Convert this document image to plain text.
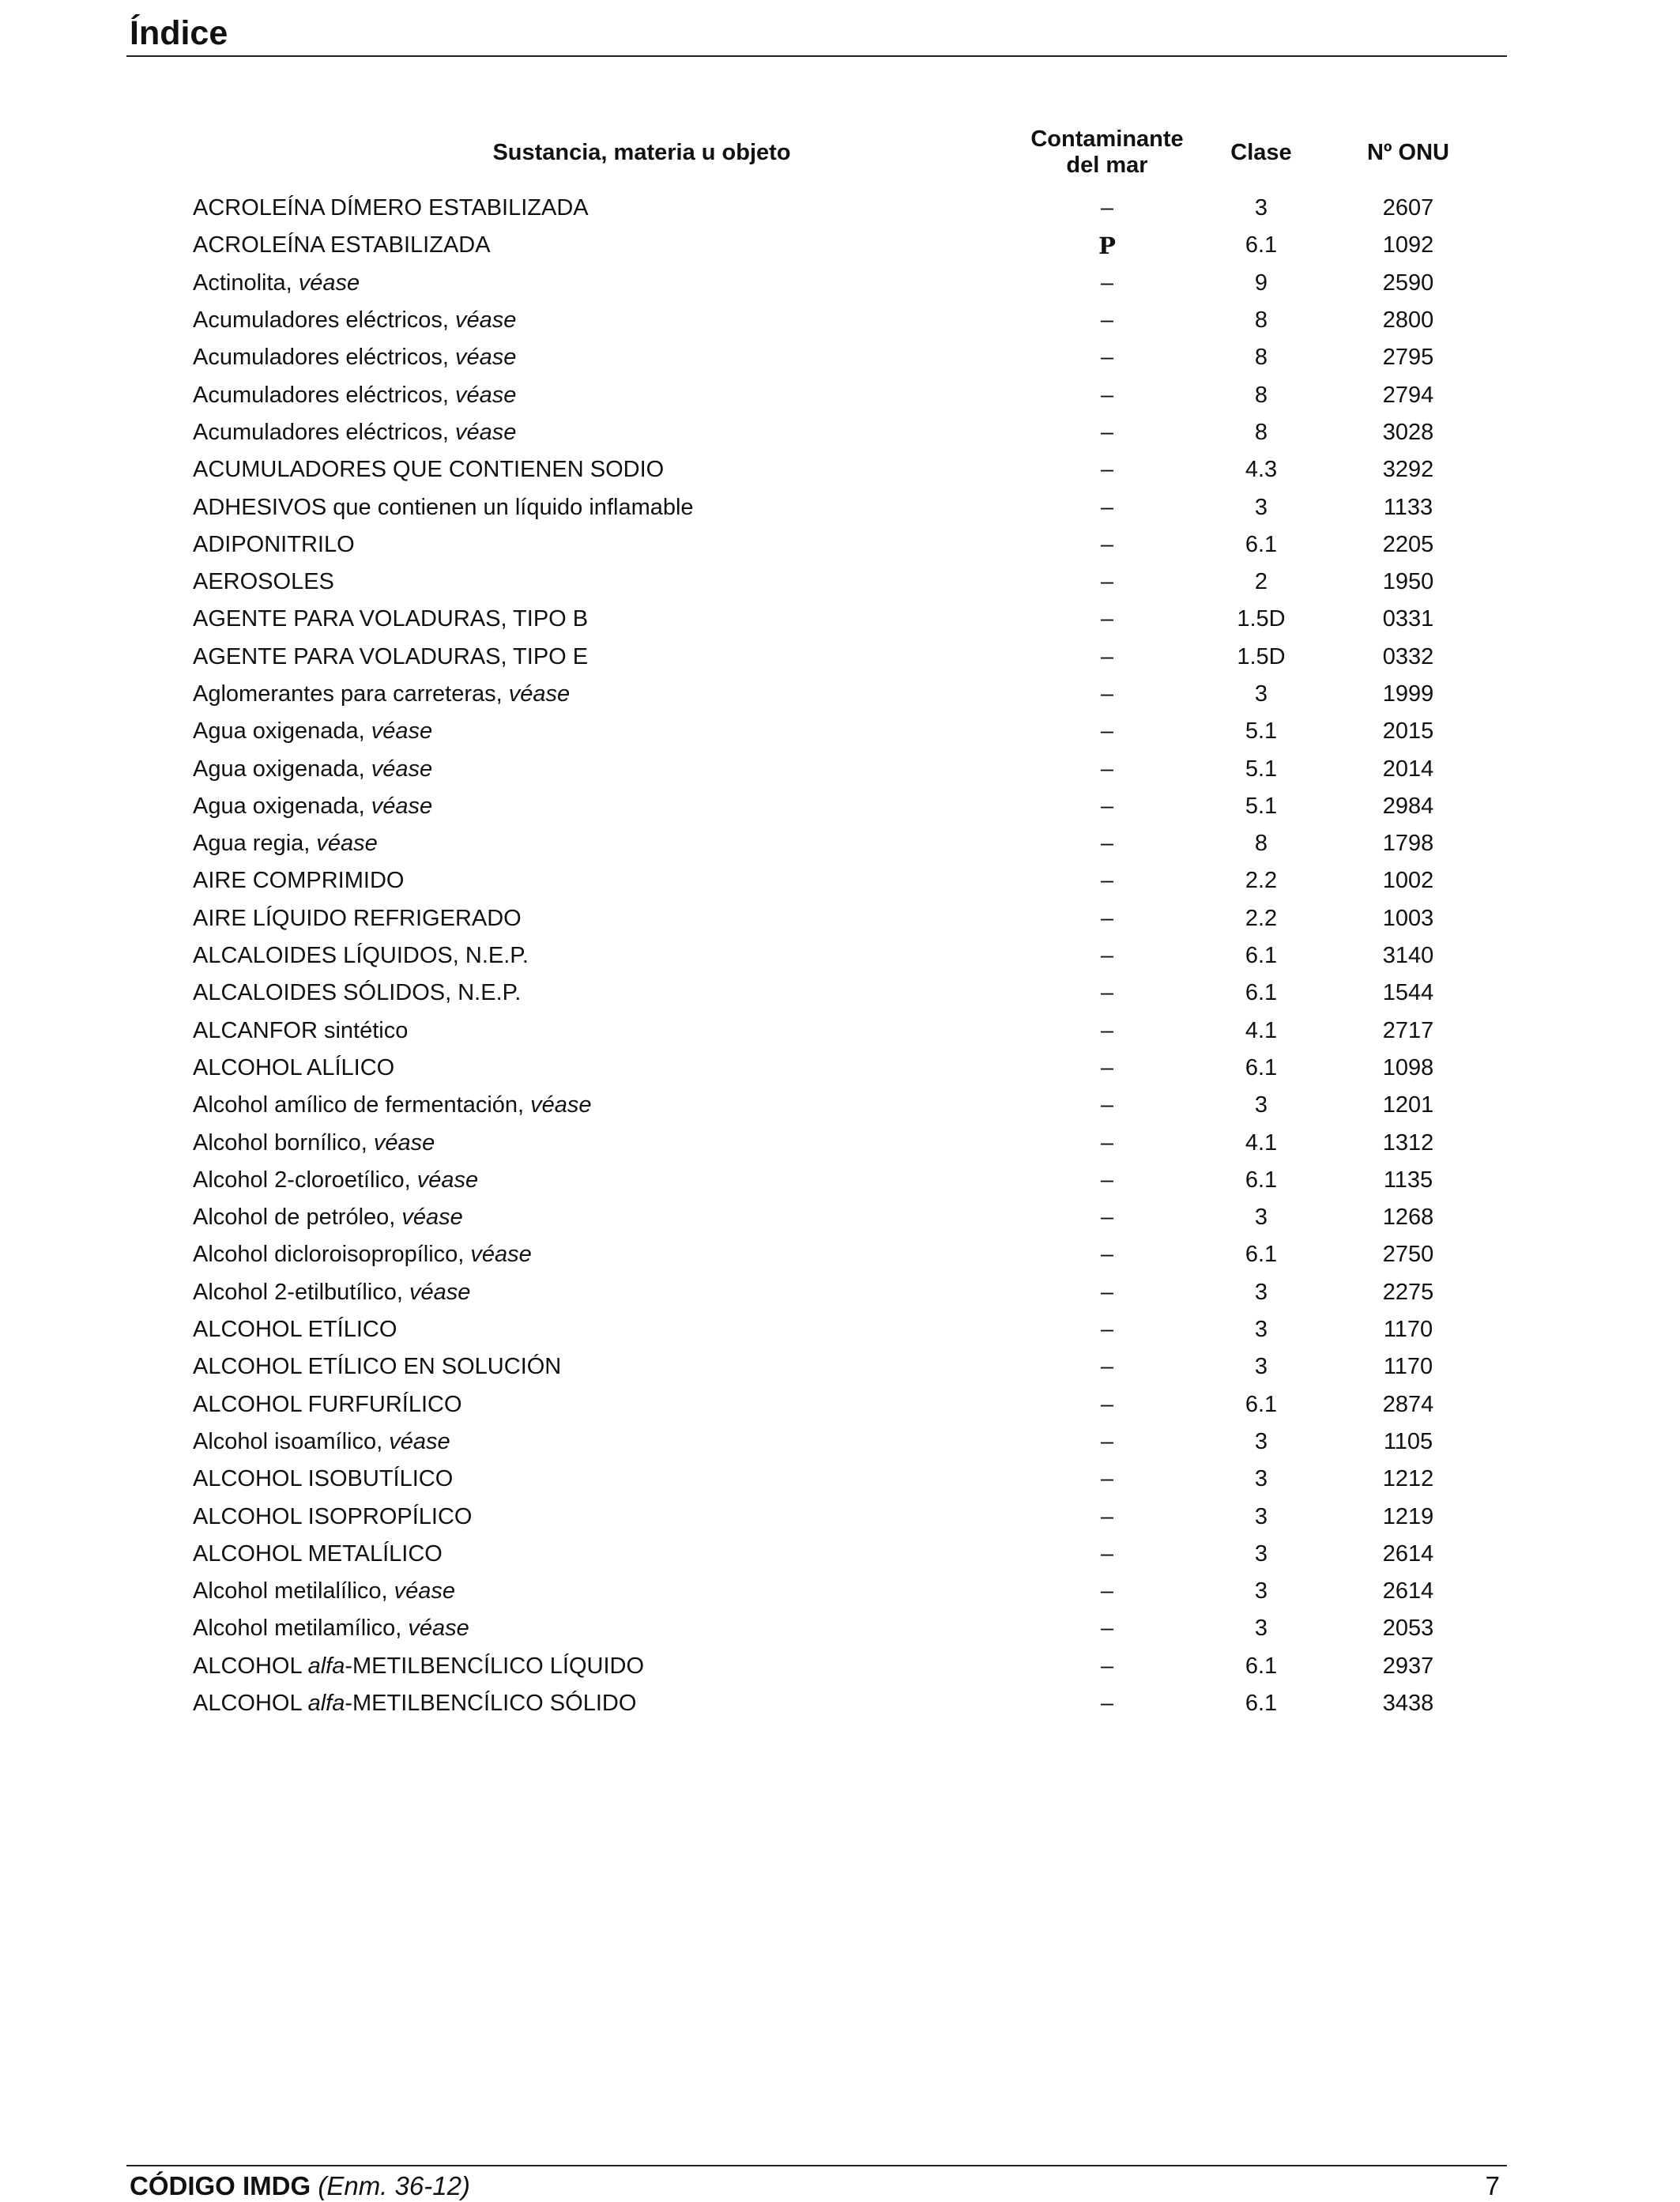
Índice
Sustancia, materia u objeto	Contaminante del mar	Clase	Nº ONU
ACROLEÍNA DÍMERO ESTABILIZADA	–	3	2607
ACROLEÍNA ESTABILIZADA	P	6.1	1092
Actinolita, véase	–	9	2590
Acumuladores eléctricos, véase	–	8	2800
Acumuladores eléctricos, véase	–	8	2795
Acumuladores eléctricos, véase	–	8	2794
Acumuladores eléctricos, véase	–	8	3028
ACUMULADORES QUE CONTIENEN SODIO	–	4.3	3292
ADHESIVOS que contienen un líquido inflamable	–	3	1133
ADIPONITRILO	–	6.1	2205
AEROSOLES	–	2	1950
AGENTE PARA VOLADURAS, TIPO B	–	1.5D	0331
AGENTE PARA VOLADURAS, TIPO E	–	1.5D	0332
Aglomerantes para carreteras, véase	–	3	1999
Agua oxigenada, véase	–	5.1	2015
Agua oxigenada, véase	–	5.1	2014
Agua oxigenada, véase	–	5.1	2984
Agua regia, véase	–	8	1798
AIRE COMPRIMIDO	–	2.2	1002
AIRE LÍQUIDO REFRIGERADO	–	2.2	1003
ALCALOIDES LÍQUIDOS, N.E.P.	–	6.1	3140
ALCALOIDES SÓLIDOS, N.E.P.	–	6.1	1544
ALCANFOR sintético	–	4.1	2717
ALCOHOL ALÍLICO	–	6.1	1098
Alcohol amílico de fermentación, véase	–	3	1201
Alcohol bornílico, véase	–	4.1	1312
Alcohol 2-cloroetílico, véase	–	6.1	1135
Alcohol de petróleo, véase	–	3	1268
Alcohol dicloroisopropílico, véase	–	6.1	2750
Alcohol 2-etilbutílico, véase	–	3	2275
ALCOHOL ETÍLICO	–	3	1170
ALCOHOL ETÍLICO EN SOLUCIÓN	–	3	1170
ALCOHOL FURFURÍLICO	–	6.1	2874
Alcohol isoamílico, véase	–	3	1105
ALCOHOL ISOBUTÍLICO	–	3	1212
ALCOHOL ISOPROPÍLICO	–	3	1219
ALCOHOL METALÍLICO	–	3	2614
Alcohol metilalílico, véase	–	3	2614
Alcohol metilamílico, véase	–	3	2053
ALCOHOL alfa-METILBENCÍLICO LÍQUIDO	–	6.1	2937
ALCOHOL alfa-METILBENCÍLICO SÓLIDO	–	6.1	3438
CÓDIGO IMDG (Enm. 36-12)	7
